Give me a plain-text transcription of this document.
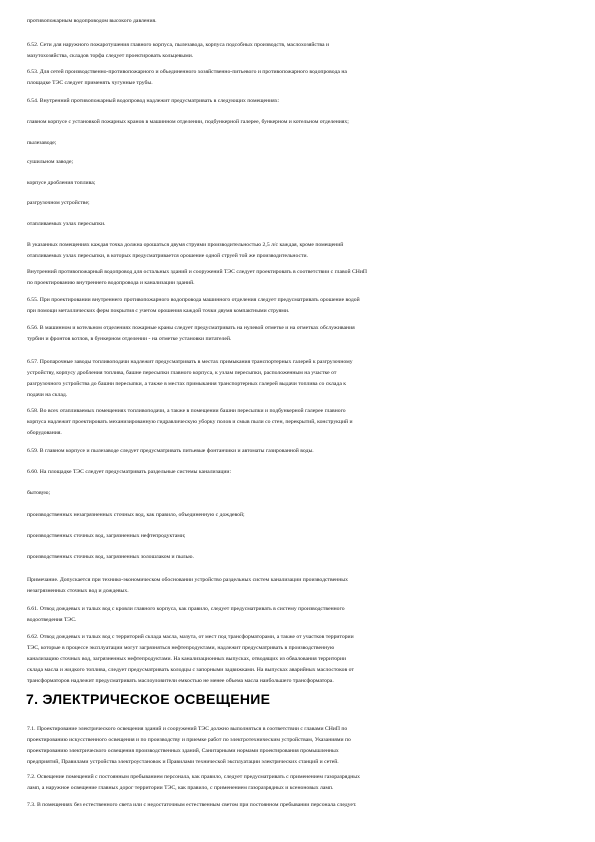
противопожарным водопроводом высокого давления.
6.52. Сети для наружного пожаротушения главного корпуса, пылезавода, корпуса подсобных производств, маслохозяйства и
мазутохозяйства, складов торфа следует проектировать кольцевыми.
6.53. Для сетей производственно-противопожарного и объединенного хозяйственно-питьевого и противопожарного водопровода на
площадке ТЭС следует применять чугунные трубы.
6.54. Внутренний противопожарный водопровод надлежит предусматривать в следующих помещениях:
главном корпусе с установкой пожарных кранов в машинном отделении, подбункерной галерее, бункерном и котельном отделениях;
пылезаводе;
сушильном заводе;
корпусе дробления топлива;
разгрузочном устройстве;
отапливаемых узлах пересыпки.
В указанных помещениях каждая точка должна орошаться двумя струями производительностью 2,5 л/с каждая, кроме помещений
отапливаемых узлах пересыпки, в которых предусматривается орошение одной струей той же производительности.
Внутренний противопожарный водопровод для остальных зданий и сооружений ТЭС следует проектировать в соответствии с главой СНиП
по проектированию внутреннего водопровода и канализации зданий.
6.55. При проектировании внутреннего противопожарного водопровода машинного отделения следует предусматривать орошение водой
при помощи металлических ферм покрытия с учетом орошения каждой точки двумя компактными струями.
6.56. В машинном и котельном отделениях пожарные краны следует предусматривать на нулевой отметке и на отметках обслуживания
турбин и фронтов котлов, в бункерном отделении - на отметке установки питателей.
6.57. Пропарочные заводы топливоподачи надлежит предусматривать в местах примыкания транспортерных галерей к разгрузочному
устройству, корпусу дробления топлива, башне пересыпки главного корпуса, к узлам пересыпки, расположенным на участке от
разгрузочного устройства до башни пересыпки, а также в местах примыкания транспортерных галерей выдачи топлива со склада к
подачи на склад.
6.58. Во всех отапливаемых помещениях топливоподачи, а также в помещении башни пересыпки и подбункерной галерее главного
корпуса надлежит проектировать механизированную гидравлическую уборку полов и смыв пыли со стен, перекрытий, конструкций и
оборудования.
6.59. В главном корпусе и пылезаводе следует предусматривать питьевые фонтанчики и автоматы газированной воды.
6.60. На площадке ТЭС следует предусматривать раздельные системы канализации:
бытовую;
производственных незагрязненных сточных вод, как правило, объединенную с дождевой;
производственных сточных вод, загрязненных нефтепродуктами;
производственных сточных вод, загрязненных золошлаком и пылью.
Примечание. Допускается при технико-экономическом обосновании устройство раздельных систем канализации производственных
незагрязненных сточных вод и дождевых.
6.61. Отвод дождевых и талых вод с кровли главного корпуса, как правило, следует предусматривать в систему производственного
водоотведения ТЭС.
6.62. Отвод дождевых и талых вод с территорий склада масла, мазута, от мест под трансформаторами, а также от участков территории
ТЭС, которые в процессе эксплуатации могут загрязняться нефтепродуктами, надлежит предусматривать в производственную
канализацию сточных вод, загрязненных нефтепродуктами. На канализационных выпусках, отводящих из обвалования территории
склада масла и жидкого топлива, следует предусматривать колодцы с запорными задвижками. На выпусках аварийных маслостоков от
трансформаторов надлежит предусматривать маслоуловители емкостью не менее объема масла наибольшего трансформатора.
7. ЭЛЕКТРИЧЕСКОЕ ОСВЕЩЕНИЕ
7.1. Проектирование электрического освещения зданий и сооружений ТЭС должно выполняться в соответствии с главами СНиП по
проектированию искусственного освещения и по производству и приемке работ по электротехническим устройствам, Указаниями по
проектированию электрического освещения производственных зданий, Санитарными нормами проектирования промышленных
предприятий, Правилами устройства электроустановок и Правилами технической эксплуатации электрических станций и сетей.
7.2. Освещение помещений с постоянным пребыванием персонала, как правило, следует предусматривать с применением газоразрядных
ламп, а наружное освещение главных дорог территории ТЭС, как правило, с применением газоразрядных и ксеноновых ламп.
7.3. В помещениях без естественного света или с недостаточным естественным светом при постоянном пребывании персонала следует.
